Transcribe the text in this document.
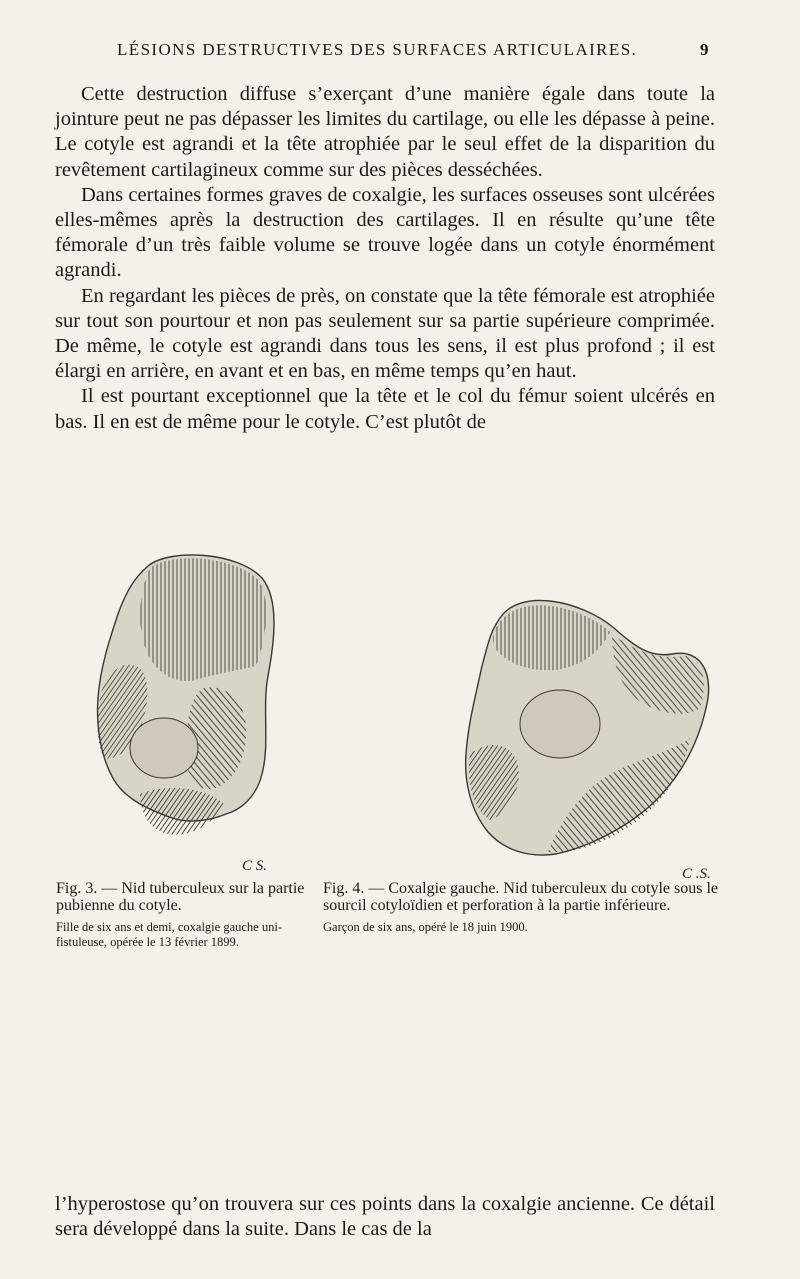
LÉSIONS DESTRUCTIVES DES SURFACES ARTICULAIRES.	9

Cette destruction diffuse s’exerçant d’une manière égale dans toute la jointure peut ne pas dépasser les limites du cartilage, ou elle les dépasse à peine. Le cotyle est agrandi et la tête atrophiée par le seul effet de la disparition du revêtement cartilagineux comme sur des pièces desséchées.

Dans certaines formes graves de coxalgie, les surfaces osseuses sont ulcérées elles-mêmes après la destruction des cartilages. Il en résulte qu’une tête fémorale d’un très faible volume se trouve logée dans un cotyle énormément agrandi.

En regardant les pièces de près, on constate que la tête fémorale est atrophiée sur tout son pourtour et non pas seulement sur sa partie supérieure comprimée. De même, le cotyle est agrandi dans tous les sens, il est plus profond ; il est élargi en arrière, en avant et en bas, en même temps qu’en haut.

Il est pourtant exceptionnel que la tête et le col du fémur soient ulcérés en bas. Il en est de même pour le cotyle. C’est plutôt de

C S.	C .S.
Fig. 3. — Nid tuberculeux sur la partie pubienne du cotyle.
Fille de six ans et demi, coxalgie gauche uni-fistuleuse, opérée le 13 février 1899.
Fig. 4. — Coxalgie gauche. Nid tuberculeux du cotyle sous le sourcil cotyloïdien et perforation à la partie inférieure.
Garçon de six ans, opéré le 18 juin 1900.

l’hyperostose qu’on trouvera sur ces points dans la coxalgie ancienne. Ce détail sera développé dans la suite. Dans le cas de la
